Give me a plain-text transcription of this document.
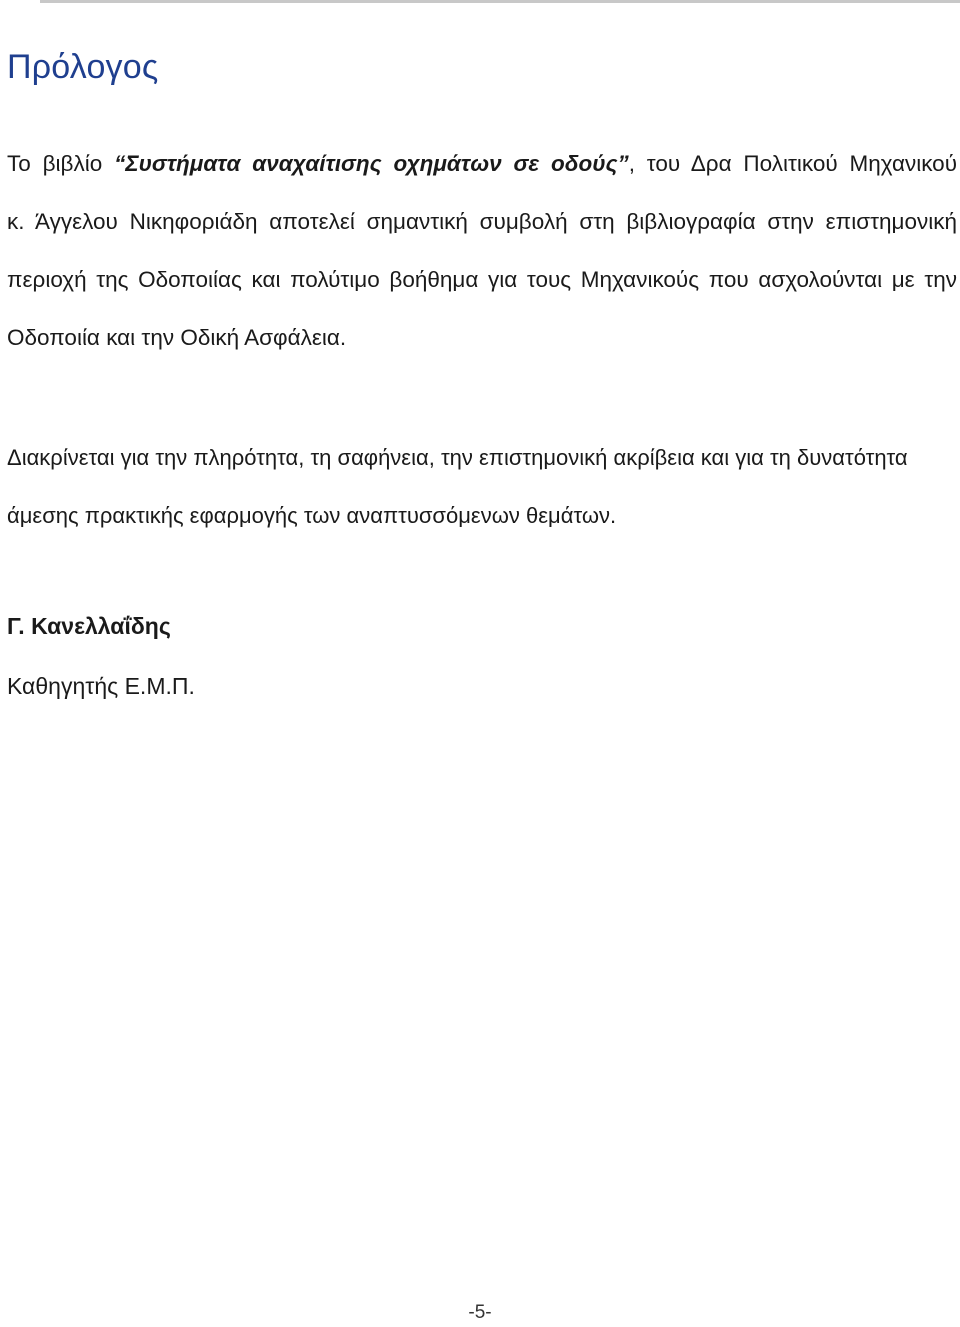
Πρόλογος
Το βιβλίο “Συστήματα αναχαίτισης οχημάτων σε οδούς”, του Δρα Πολιτικού Μηχανικού
κ. Άγγελου Νικηφοριάδη αποτελεί σημαντική συμβολή στη βιβλιογραφία στην επιστημονική
περιοχή της Οδοποιίας και πολύτιμο βοήθημα για τους Μηχανικούς που ασχολούνται με την
Οδοποιία και την Οδική Ασφάλεια.
Διακρίνεται για την πληρότητα, τη σαφήνεια, την επιστημονική ακρίβεια και για τη δυνατότητα
άμεσης πρακτικής εφαρμογής των αναπτυσσόμενων θεμάτων.

Γ. Κανελλαΐδης

Καθηγητής Ε.Μ.Π.

-5-
